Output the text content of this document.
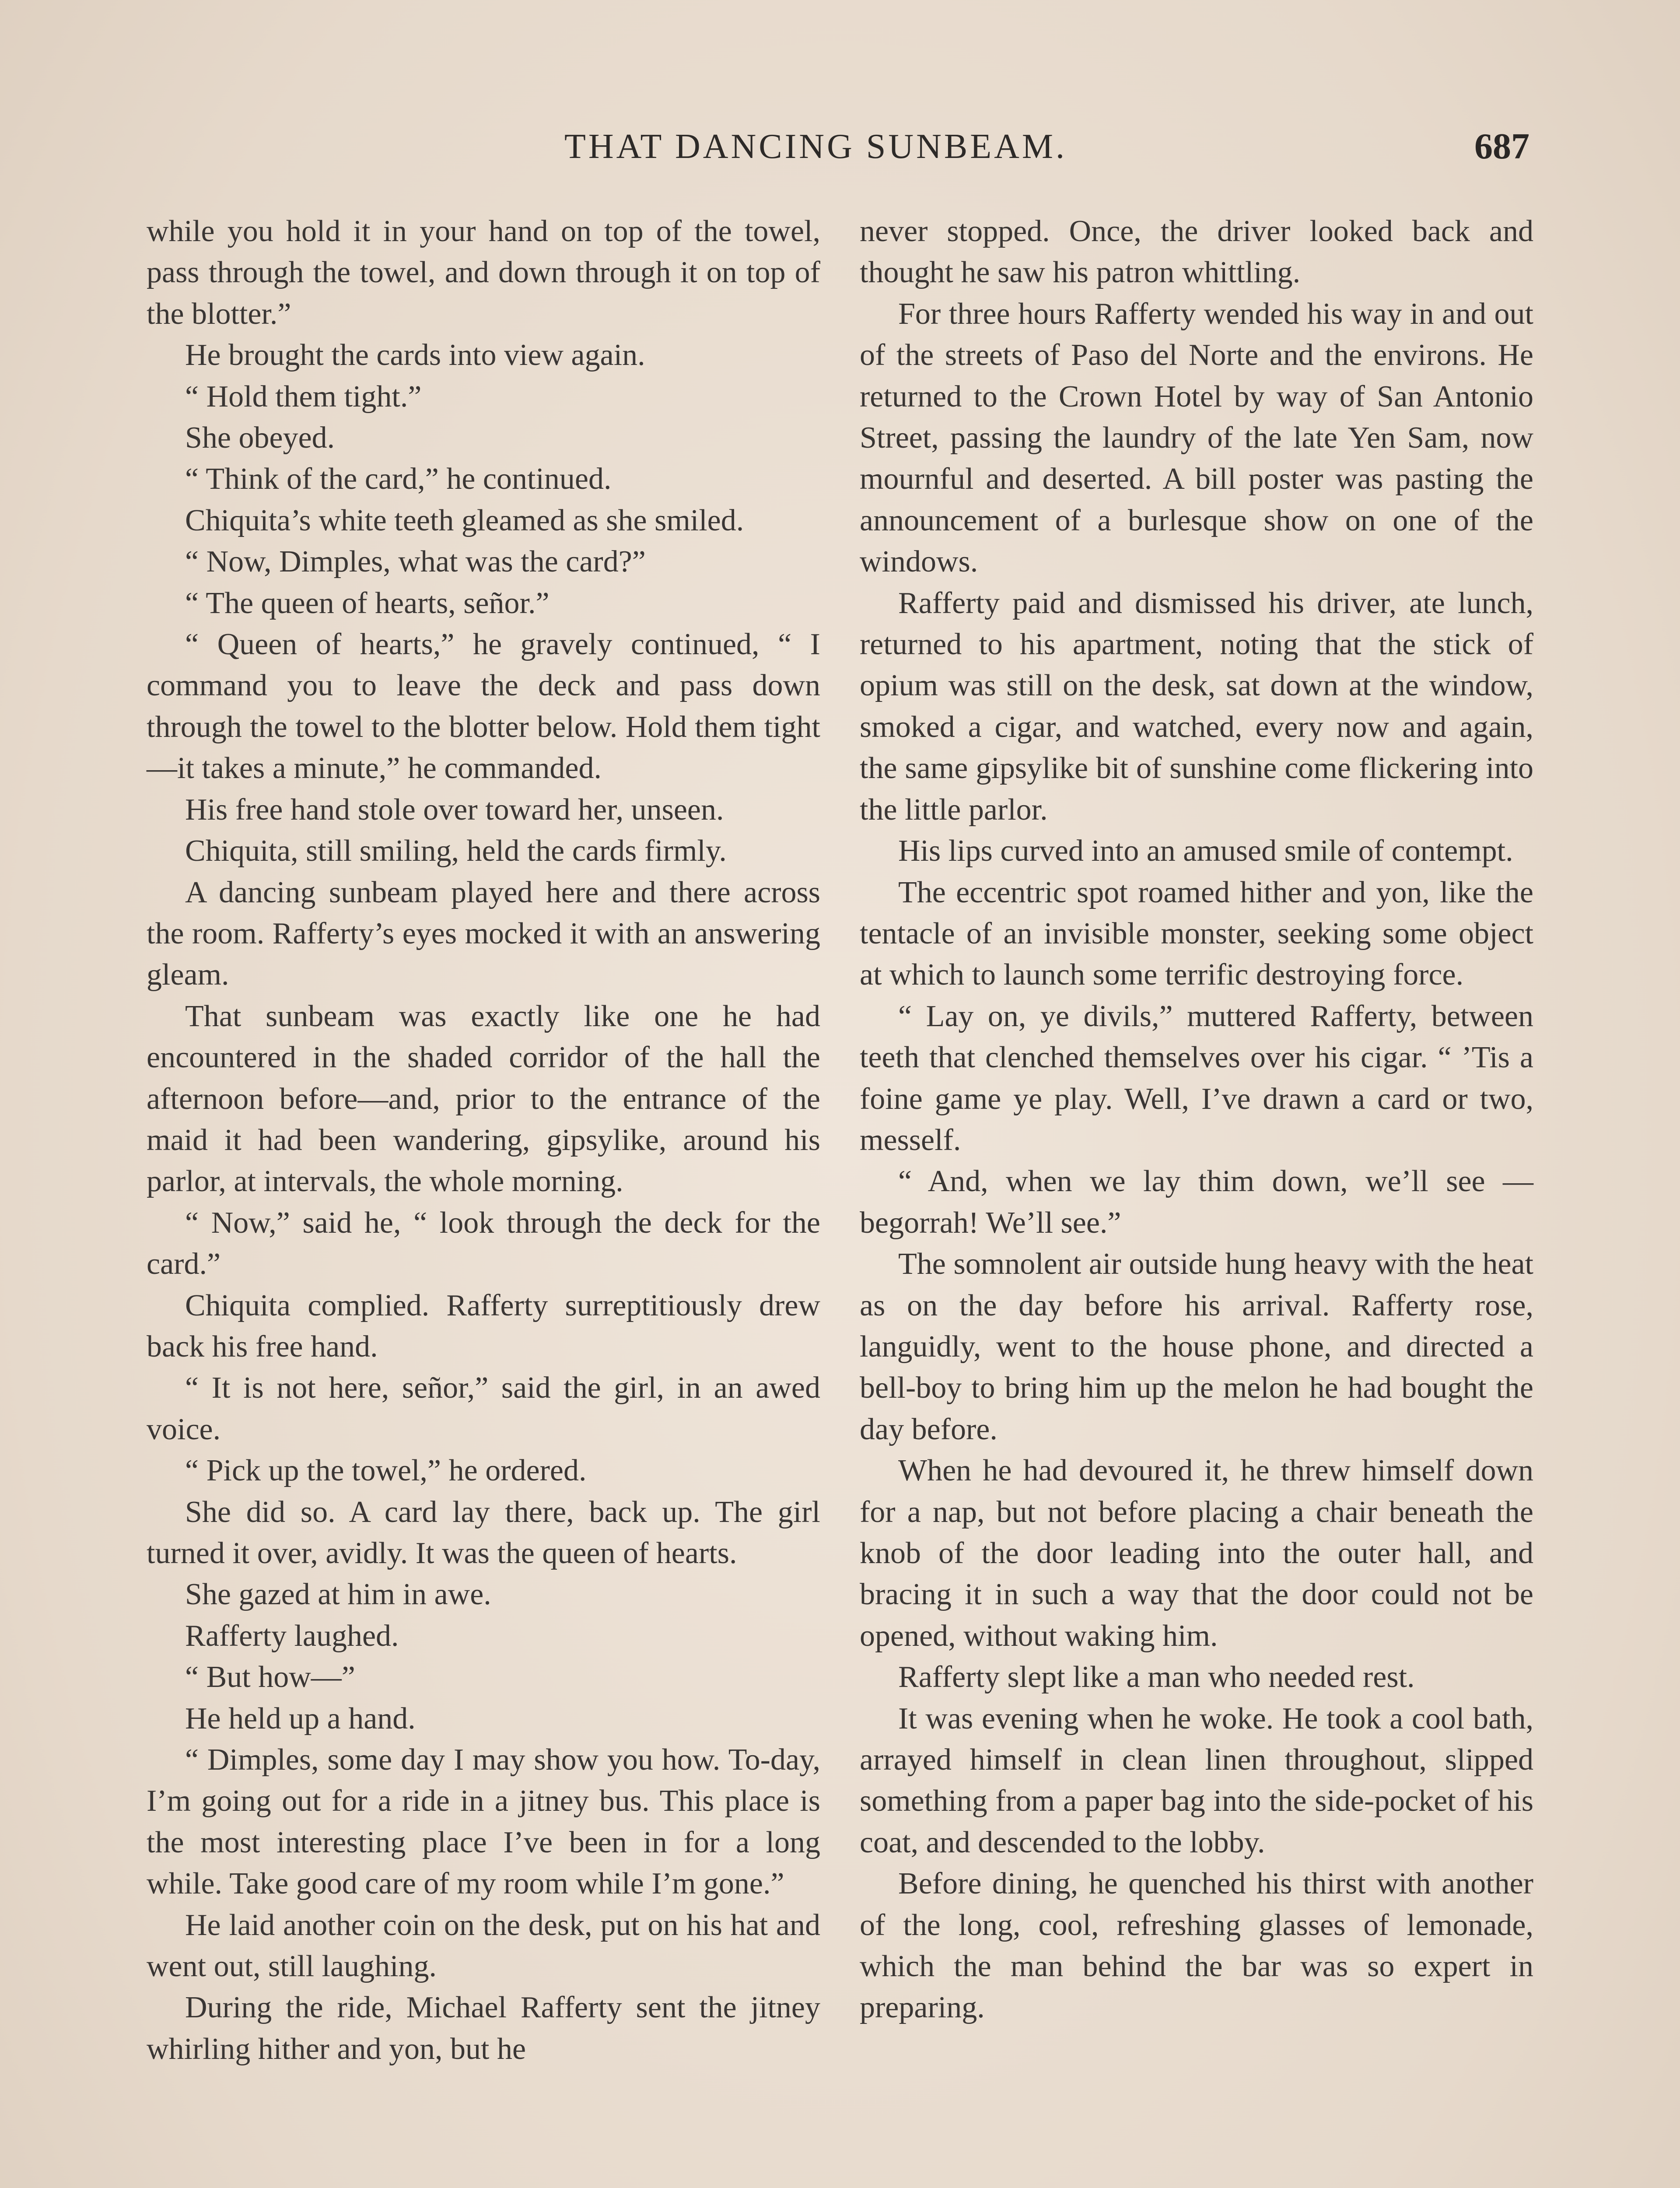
THAT DANCING SUNBEAM.	687

while you hold it in your hand on top of the towel, pass through the towel, and down through it on top of the blotter.”

He brought the cards into view again.

“ Hold them tight.”

She obeyed.

“ Think of the card,” he continued.

Chiquita’s white teeth gleamed as she smiled.

“ Now, Dimples, what was the card?”

“ The queen of hearts, señor.”

“ Queen of hearts,” he gravely continued, “ I command you to leave the deck and pass down through the towel to the blotter below. Hold them tight—it takes a minute,” he commanded.

His free hand stole over toward her, unseen.

Chiquita, still smiling, held the cards firmly.

A dancing sunbeam played here and there across the room. Rafferty’s eyes mocked it with an answering gleam.

That sunbeam was exactly like one he had encountered in the shaded corridor of the hall the afternoon before—and, prior to the entrance of the maid it had been wandering, gipsylike, around his parlor, at intervals, the whole morning.

“ Now,” said he, “ look through the deck for the card.”

Chiquita complied. Rafferty surreptitiously drew back his free hand.

“ It is not here, señor,” said the girl, in an awed voice.

“ Pick up the towel,” he ordered.

She did so. A card lay there, back up. The girl turned it over, avidly. It was the queen of hearts.

She gazed at him in awe.

Rafferty laughed.

“ But how—”

He held up a hand.

“ Dimples, some day I may show you how. To-day, I’m going out for a ride in a jitney bus. This place is the most interesting place I’ve been in for a long while. Take good care of my room while I’m gone.”

He laid another coin on the desk, put on his hat and went out, still laughing.

During the ride, Michael Rafferty sent the jitney whirling hither and yon, but he

never stopped. Once, the driver looked back and thought he saw his patron whittling.

For three hours Rafferty wended his way in and out of the streets of Paso del Norte and the environs. He returned to the Crown Hotel by way of San Antonio Street, passing the laundry of the late Yen Sam, now mournful and deserted. A bill poster was pasting the announcement of a burlesque show on one of the windows.

Rafferty paid and dismissed his driver, ate lunch, returned to his apartment, noting that the stick of opium was still on the desk, sat down at the window, smoked a cigar, and watched, every now and again, the same gipsylike bit of sunshine come flickering into the little parlor.

His lips curved into an amused smile of contempt.

The eccentric spot roamed hither and yon, like the tentacle of an invisible monster, seeking some object at which to launch some terrific destroying force.

“ Lay on, ye divils,” muttered Rafferty, between teeth that clenched themselves over his cigar. “ ’Tis a foine game ye play. Well, I’ve drawn a card or two, mesself.

“ And, when we lay thim down, we’ll see —begorrah! We’ll see.”

The somnolent air outside hung heavy with the heat as on the day before his arrival. Rafferty rose, languidly, went to the house phone, and directed a bell-boy to bring him up the melon he had bought the day before.

When he had devoured it, he threw himself down for a nap, but not before placing a chair beneath the knob of the door leading into the outer hall, and bracing it in such a way that the door could not be opened, without waking him.

Rafferty slept like a man who needed rest.

It was evening when he woke. He took a cool bath, arrayed himself in clean linen throughout, slipped something from a paper bag into the side-pocket of his coat, and descended to the lobby.

Before dining, he quenched his thirst with another of the long, cool, refreshing glasses of lemonade, which the man behind the bar was so expert in preparing.
